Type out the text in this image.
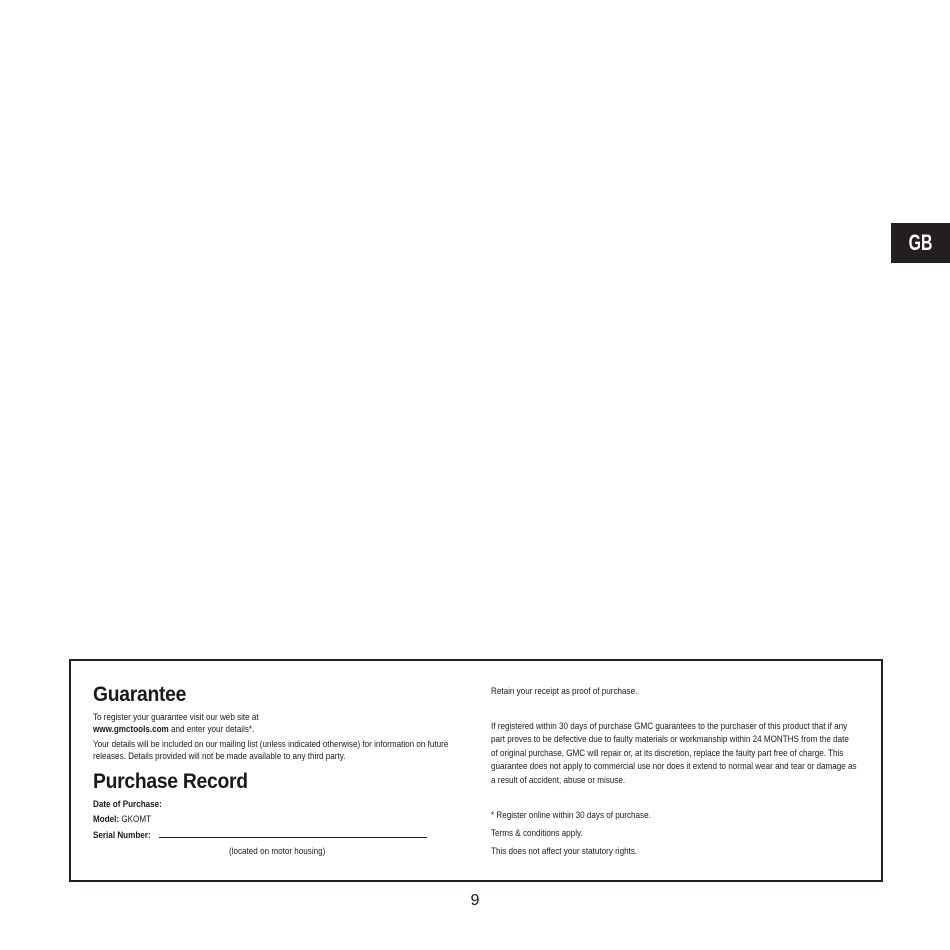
GB
Guarantee
To register your guarantee visit our web site at
www.gmctools.com and enter your details*.
Your details will be included on our mailing list (unless indicated otherwise) for information on future
releases. Details provided will not be made available to any third party.
Purchase Record
Date of Purchase:
Model: GKOMT
Serial Number:
(located on motor housing)
Retain your receipt as proof of purchase.
If registered within 30 days of purchase GMC guarantees to the purchaser of this product that if any
part proves to be defective due to faulty materials or workmanship within 24 MONTHS from the date
of original purchase, GMC will repair or, at its discretion, replace the faulty part free of charge. This
guarantee does not apply to commercial use nor does it extend to normal wear and tear or damage as
a result of accident, abuse or misuse.
* Register online within 30 days of purchase.
Terms & conditions apply.
This does not affect your statutory rights.
9
